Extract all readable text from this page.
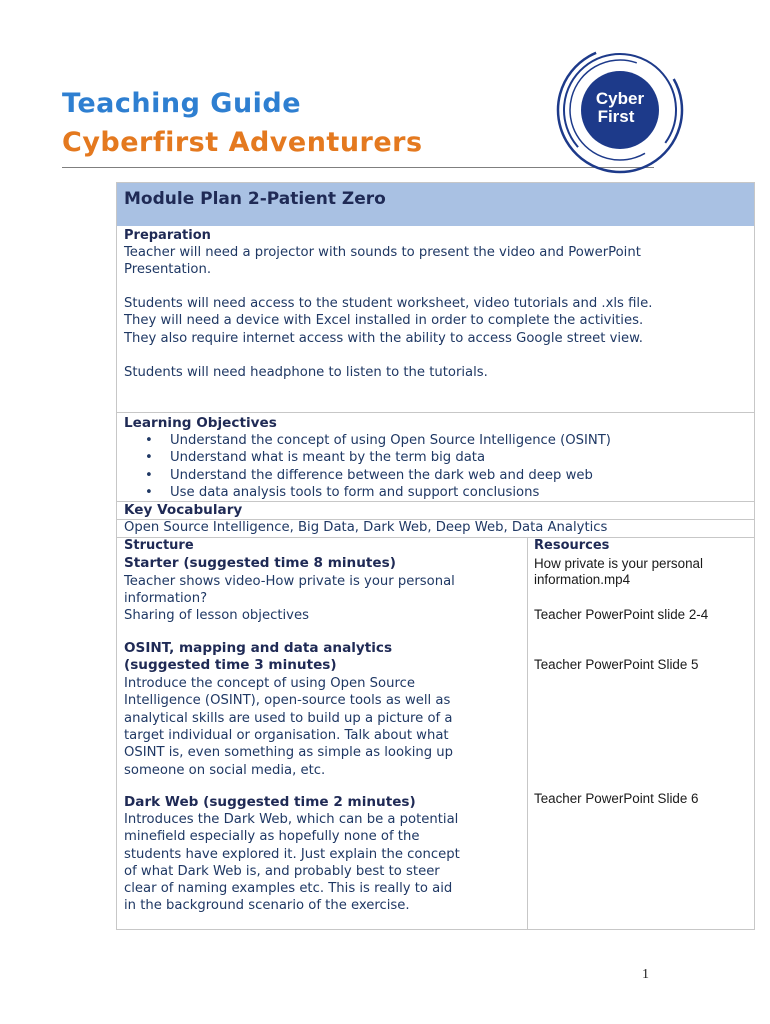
Teaching Guide
Cyberfirst Adventurers
Cyber
First
Module Plan 2-Patient Zero
Preparation
Teacher will need a projector with sounds to present the video and PowerPoint
Presentation.
Students will need access to the student worksheet, video tutorials and .xls file.
They will need a device with Excel installed in order to complete the activities.
They also require internet access with the ability to access Google street view.
Students will need headphone to listen to the tutorials.
Learning Objectives
• Understand the concept of using Open Source Intelligence (OSINT)
• Understand what is meant by the term big data
• Understand the difference between the dark web and deep web
• Use data analysis tools to form and support conclusions
Key Vocabulary
Open Source Intelligence, Big Data, Dark Web, Deep Web, Data Analytics
Structure	Resources
Starter (suggested time 8 minutes)
Teacher shows video-How private is your personal
information?
Sharing of lesson objectives
How private is your personal
information.mp4
Teacher PowerPoint slide 2-4
OSINT, mapping and data analytics
(suggested time 3 minutes)
Introduce the concept of using Open Source
Intelligence (OSINT), open-source tools as well as
analytical skills are used to build up a picture of a
target individual or organisation. Talk about what
OSINT is, even something as simple as looking up
someone on social media, etc.
Teacher PowerPoint Slide 5
Dark Web (suggested time 2 minutes)
Introduces the Dark Web, which can be a potential
minefield especially as hopefully none of the
students have explored it. Just explain the concept
of what Dark Web is, and probably best to steer
clear of naming examples etc. This is really to aid
in the background scenario of the exercise.
Teacher PowerPoint Slide 6
1
